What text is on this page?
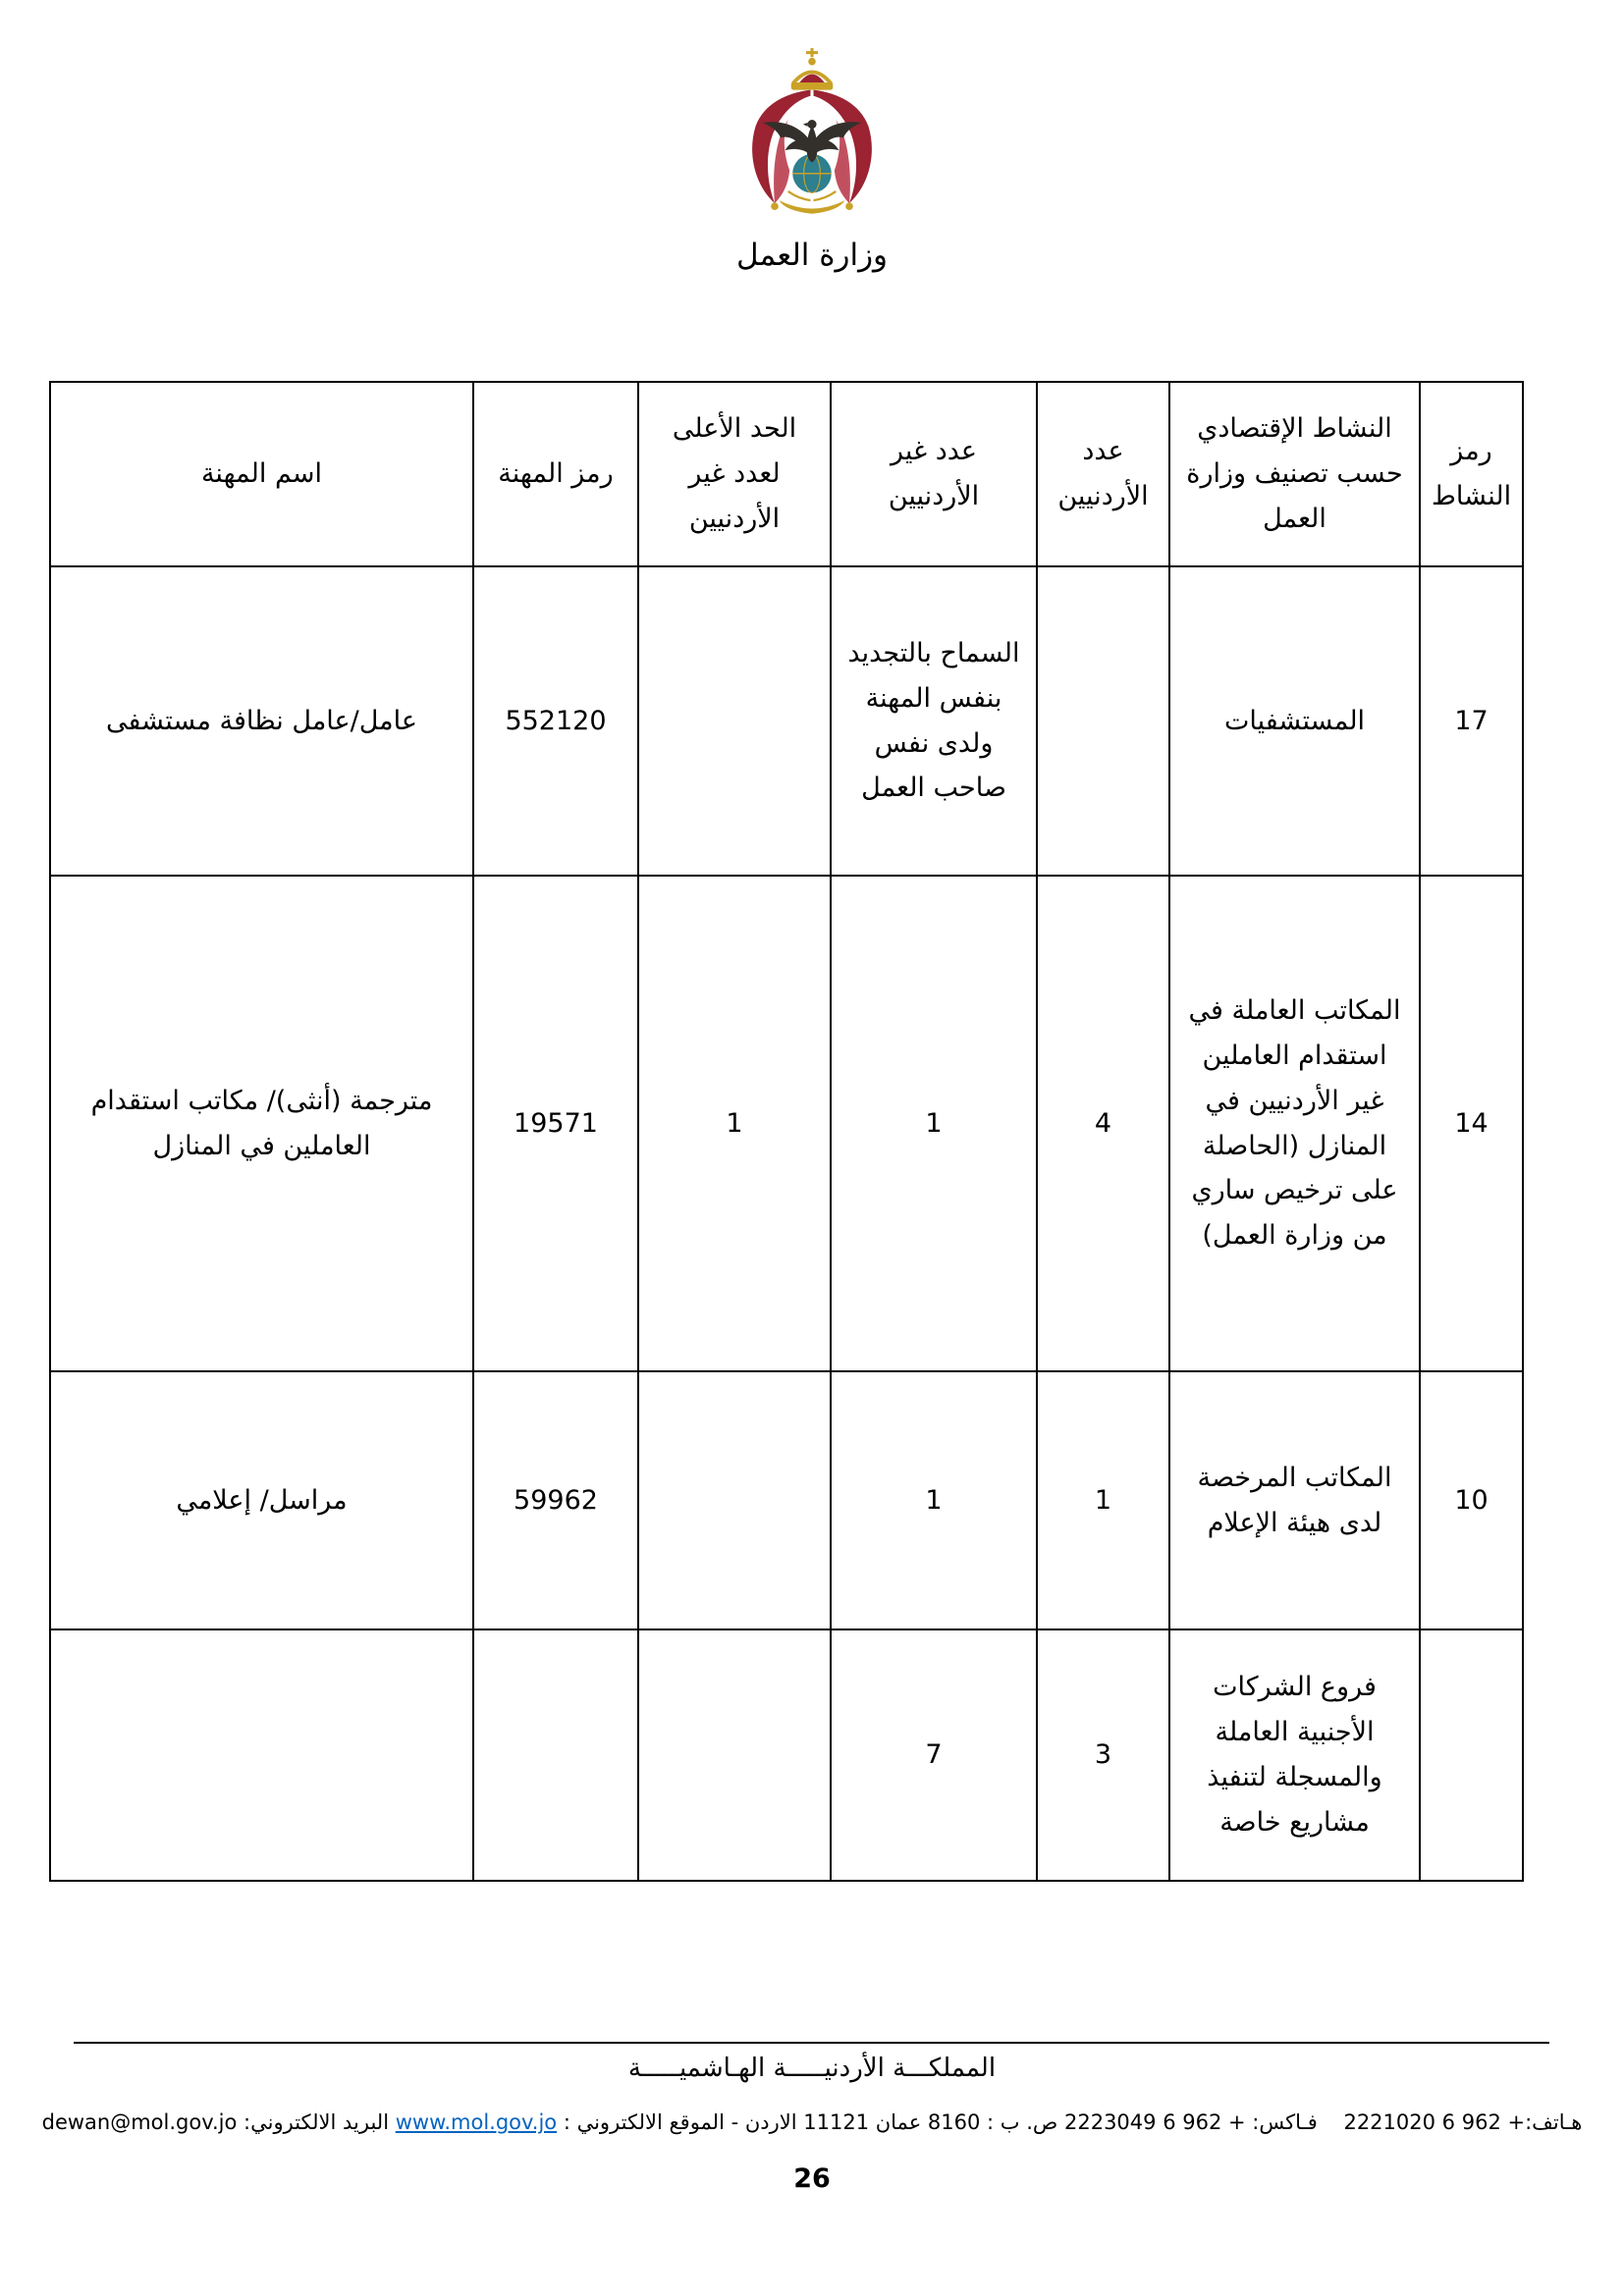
وزارة العمل
رمز النشاط	النشاط الإقتصادي حسب تصنيف وزارة العمل	عدد الأردنيين	عدد غير الأردنيين	الحد الأعلى لعدد غير الأردنيين	رمز المهنة	اسم المهنة
17	المستشفيات		السماح بالتجديد بنفس المهنة ولدى نفس صاحب العمل		552120	عامل/عامل نظافة مستشفى
14	المكاتب العاملة في استقدام العاملين غير الأردنيين في المنازل (الحاصلة على ترخيص ساري من وزارة العمل)	4	1	1	19571	مترجمة (أنثى)/ مكاتب استقدام العاملين في المنازل
10	المكاتب المرخصة لدى هيئة الإعلام	1	1		59962	مراسل/ إعلامي
	فروع الشركات الأجنبية العاملة والمسجلة لتنفيذ مشاريع خاصة	3	7			
المملكـــة الأردنيـــــة الهـاشميـــــة
هـاتف:+ 962 6 2221020    فـاكس: + 962 6 2223049 ص. ب : 8160 عمان 11121 الاردن - الموقع الالكتروني : www.mol.gov.jo البريد الالكتروني: dewan@mol.gov.jo
26
